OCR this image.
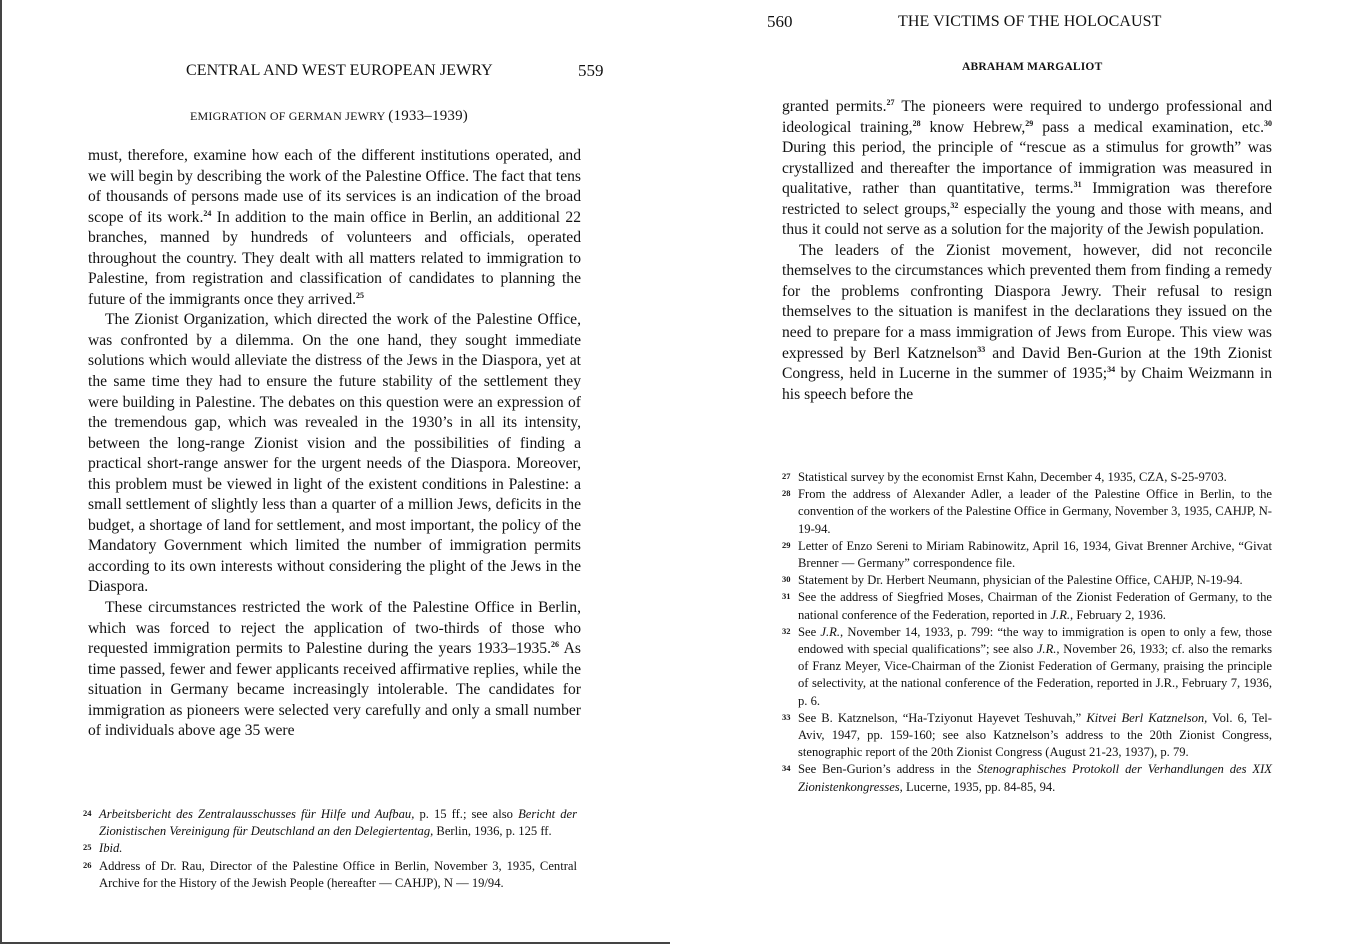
CENTRAL AND WEST EUROPEAN JEWRY	559
EMIGRATION OF GERMAN JEWRY (1933–1939)

must, therefore, examine how each of the different institutions operated, and we will begin by describing the work of the Palestine Office. The fact that tens of thousands of persons made use of its services is an indication of the broad scope of its work.$^{24}$ In addition to the main office in Berlin, an additional 22 branches, manned by hundreds of volunteers and officials, operated throughout the country. They dealt with all matters related to immigration to Palestine, from registration and classification of candidates to planning the future of the immigrants once they arrived.$^{25}$

The Zionist Organization, which directed the work of the Palestine Office, was confronted by a dilemma. On the one hand, they sought immediate solutions which would alleviate the distress of the Jews in the Diaspora, yet at the same time they had to ensure the future stability of the settlement they were building in Palestine. The debates on this question were an expression of the tremendous gap, which was revealed in the 1930’s in all its intensity, between the long-range Zionist vision and the possibilities of finding a practical short-range answer for the urgent needs of the Diaspora. Moreover, this problem must be viewed in light of the existent conditions in Palestine: a small settlement of slightly less than a quarter of a million Jews, deficits in the budget, a shortage of land for settlement, and most important, the policy of the Mandatory Government which limited the number of immigration permits according to its own interests without considering the plight of the Jews in the Diaspora.

These circumstances restricted the work of the Palestine Office in Berlin, which was forced to reject the application of two-thirds of those who requested immigration permits to Palestine during the years 1933–1935.26 As time passed, fewer and fewer applicants received affirmative replies, while the situation in Germany became increasingly intolerable. The candidates for immigration as pioneers were selected very carefully and only a small number of individuals above age 35 were

24 Arbeitsbericht des Zentralausschusses für Hilfe und Aufbau, p. 15 ff.; see also Bericht der Zionistischen Vereinigung für Deutschland an den Delegiertentag, Berlin, 1936, p. 125 ff.
25 Ibid.
26 Address of Dr. Rau, Director of the Palestine Office in Berlin, November 3, 1935, Central Archive for the History of the Jewish People (hereafter — CAHJP), N — 19/94.
560	THE VICTIMS OF THE HOLOCAUST
ABRAHAM MARGALIOT

granted permits.$^{27}$ The pioneers were required to undergo professional and ideological training,$^{28}$ know Hebrew,$^{29}$ pass a medical examination, etc.$^{30}$ During this period, the principle of “rescue as a stimulus for growth” was crystallized and thereafter the importance of immigration was measured in qualitative, rather than quantitative, terms.$^{31}$ Immigration was therefore restricted to select groups,$^{32}$ especially the young and those with means, and thus it could not serve as a solution for the majority of the Jewish population.

The leaders of the Zionist movement, however, did not reconcile themselves to the circumstances which prevented them from finding a remedy for the problems confronting Diaspora Jewry. Their refusal to resign themselves to the situation is manifest in the declarations they issued on the need to prepare for a mass immigration of Jews from Europe. This view was expressed by Berl Katznelson$^{33}$ and David Ben-Gurion at the 19th Zionist Congress, held in Lucerne in the summer of 1935;$^{34}$ by Chaim Weizmann in his speech before the

27 Statistical survey by the economist Ernst Kahn, December 4, 1935, CZA, S-25-9703.
28 From the address of Alexander Adler, a leader of the Palestine Office in Berlin, to the convention of the workers of the Palestine Office in Germany, November 3, 1935, CAHJP, N-19-94.
29 Letter of Enzo Sereni to Miriam Rabinowitz, April 16, 1934, Givat Brenner Archive, “Givat Brenner — Germany” correspondence file.
30 Statement by Dr. Herbert Neumann, physician of the Palestine Office, CAHJP, N-19-94.
31 See the address of Siegfried Moses, Chairman of the Zionist Federation of Germany, to the national conference of the Federation, reported in J.R., February 2, 1936.
32 See J.R., November 14, 1933, p. 799: “the way to immigration is open to only a few, those endowed with special qualifications”; see also J.R., November 26, 1933; cf. also the remarks of Franz Meyer, Vice-Chairman of the Zionist Federation of Germany, praising the principle of selectivity, at the national conference of the Federation, reported in J.R., February 7, 1936, p. 6.
33 See B. Katznelson, “Ha-Tziyonut Hayevet Teshuvah,” Kitvei Berl Katznelson, Vol. 6, Tel-Aviv, 1947, pp. 159-160; see also Katznelson’s address to the 20th Zionist Congress, stenographic report of the 20th Zionist Congress (August 21-23, 1937), p. 79.
34 See Ben-Gurion’s address in the Stenographisches Protokoll der Verhandlungen des XIX Zionistenkongresses, Lucerne, 1935, pp. 84-85, 94.
